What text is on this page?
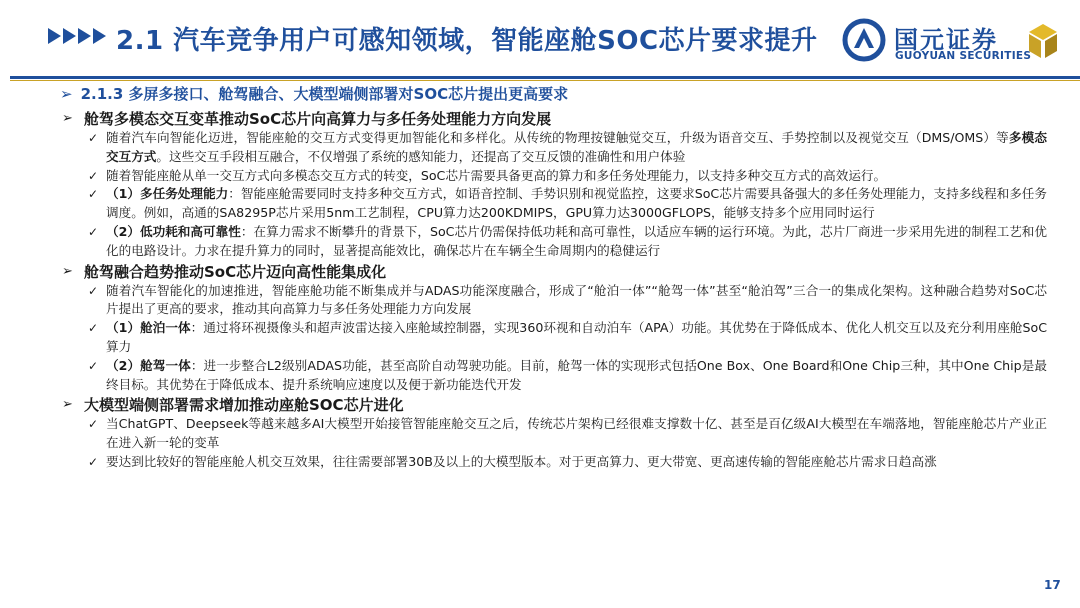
2.1 汽车竞争用户可感知领域，智能座舱SOC芯片要求提升	国元证券
GUOYUAN SECURITIES
➢ 2.1.3 多屏多接口、舱驾融合、大模型端侧部署对SOC芯片提出更高要求
➢ 舱驾多模态交互变革推动SoC芯片向高算力与多任务处理能力方向发展
✓ 随着汽车向智能化迈进，智能座舱的交互方式变得更加智能化和多样化。从传统的物理按键触觉交互，升级为语音交互、手势控制以及视觉交互（DMS/OMS）等多模态交互方式。这些交互手段相互融合，不仅增强了系统的感知能力，还提高了交互反馈的准确性和用户体验
✓ 随着智能座舱从单一交互方式向多模态交互方式的转变，SoC芯片需要具备更高的算力和多任务处理能力，以支持多种交互方式的高效运行。
✓ （1）多任务处理能力：智能座舱需要同时支持多种交互方式，如语音控制、手势识别和视觉监控，这要求SoC芯片需要具备强大的多任务处理能力，支持多线程和多任务调度。例如，高通的SA8295P芯片采用5nm工艺制程，CPU算力达200KDMIPS，GPU算力达3000GFLOPS，能够支持多个应用同时运行
✓ （2）低功耗和高可靠性：在算力需求不断攀升的背景下，SoC芯片仍需保持低功耗和高可靠性，以适应车辆的运行环境。为此，芯片厂商进一步采用先进的制程工艺和优化的电路设计。力求在提升算力的同时，显著提高能效比，确保芯片在车辆全生命周期内的稳健运行
➢ 舱驾融合趋势推动SoC芯片迈向高性能集成化
✓ 随着汽车智能化的加速推进，智能座舱功能不断集成并与ADAS功能深度融合，形成了“舱泊一体”“舱驾一体”甚至“舱泊驾”三合一的集成化架构。这种融合趋势对SoC芯片提出了更高的要求，推动其向高算力与多任务处理能力方向发展
✓ （1）舱泊一体：通过将环视摄像头和超声波雷达接入座舱域控制器，实现360环视和自动泊车（APA）功能。其优势在于降低成本、优化人机交互以及充分利用座舱SoC算力
✓ （2）舱驾一体：进一步整合L2级别ADAS功能，甚至高阶自动驾驶功能。目前，舱驾一体的实现形式包括One Box、One Board和One Chip三种，其中One Chip是最终目标。其优势在于降低成本、提升系统响应速度以及便于新功能迭代开发
➢ 大模型端侧部署需求增加推动座舱SOC芯片进化
✓ 当ChatGPT、Deepseek等越来越多AI大模型开始接管智能座舱交互之后，传统芯片架构已经很难支撑数十亿、甚至是百亿级AI大模型在车端落地，智能座舱芯片产业正在进入新一轮的变革
✓ 要达到比较好的智能座舱人机交互效果，往往需要部署30B及以上的大模型版本。对于更高算力、更大带宽、更高速传输的智能座舱芯片需求日趋高涨
17
